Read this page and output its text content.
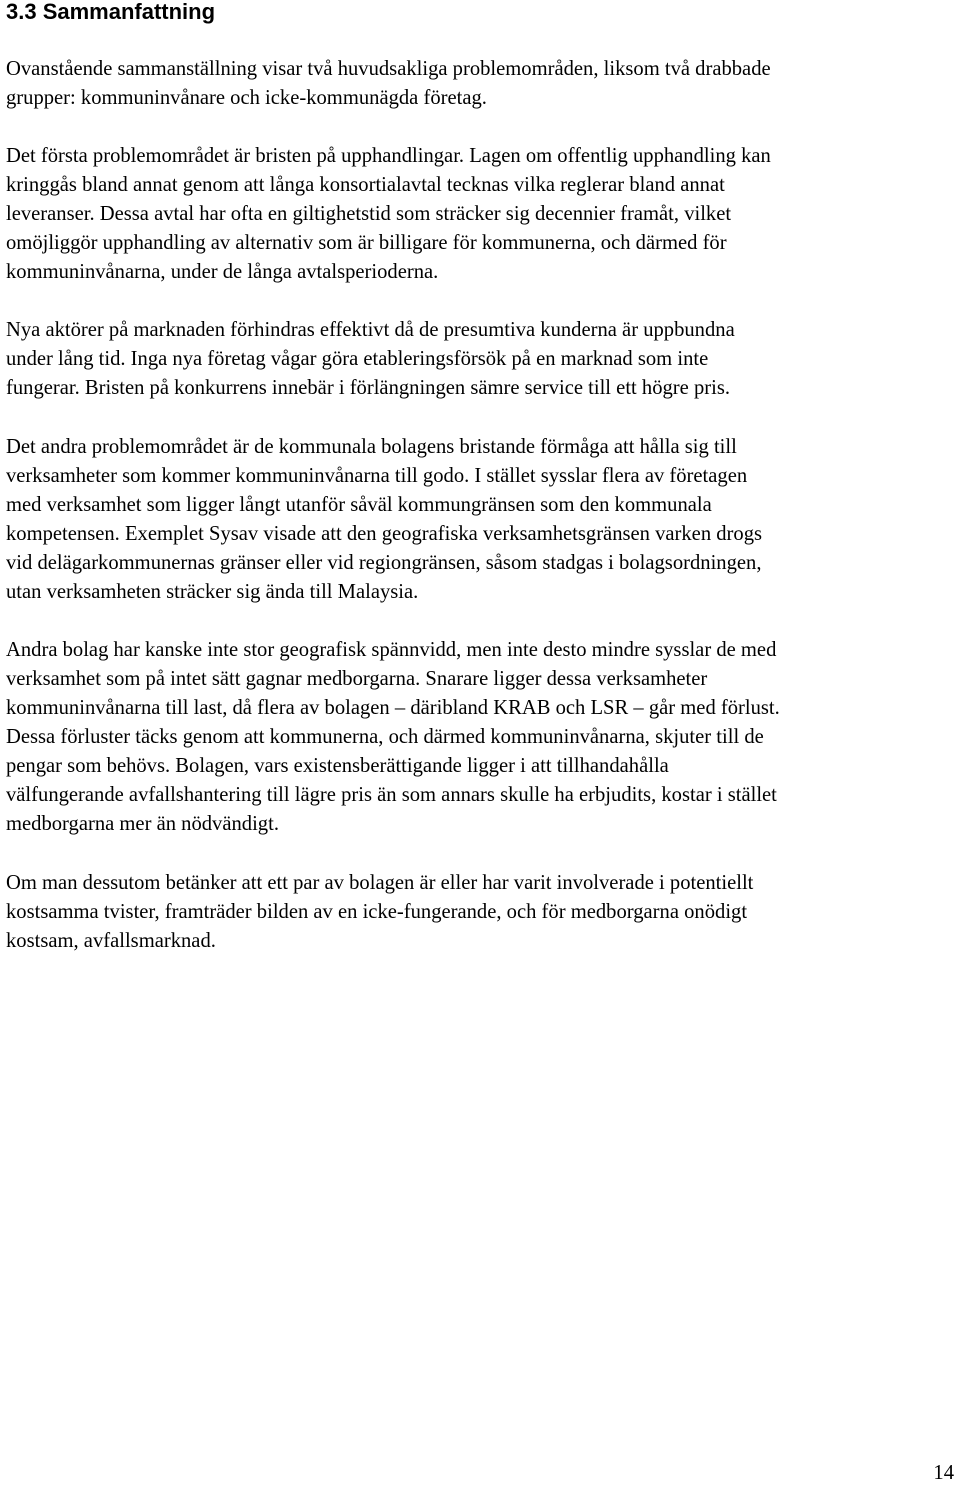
3.3 Sammanfattning

Ovanstående sammanställning visar två huvudsakliga problemområden, liksom två drabbade
grupper: kommuninvånare och icke-kommunägda företag.

Det första problemområdet är bristen på upphandlingar. Lagen om offentlig upphandling kan
kringgås bland annat genom att långa konsortialavtal tecknas vilka reglerar bland annat
leveranser. Dessa avtal har ofta en giltighetstid som sträcker sig decennier framåt, vilket
omöjliggör upphandling av alternativ som är billigare för kommunerna, och därmed för
kommuninvånarna, under de långa avtalsperioderna.

Nya aktörer på marknaden förhindras effektivt då de presumtiva kunderna är uppbundna
under lång tid. Inga nya företag vågar göra etableringsförsök på en marknad som inte
fungerar. Bristen på konkurrens innebär i förlängningen sämre service till ett högre pris.

Det andra problemområdet är de kommunala bolagens bristande förmåga att hålla sig till
verksamheter som kommer kommuninvånarna till godo. I stället sysslar flera av företagen
med verksamhet som ligger långt utanför såväl kommungränsen som den kommunala
kompetensen. Exemplet Sysav visade att den geografiska verksamhetsgränsen varken drogs
vid delägarkommunernas gränser eller vid regiongränsen, såsom stadgas i bolagsordningen,
utan verksamheten sträcker sig ända till Malaysia.

Andra bolag har kanske inte stor geografisk spännvidd, men inte desto mindre sysslar de med
verksamhet som på intet sätt gagnar medborgarna. Snarare ligger dessa verksamheter
kommuninvånarna till last, då flera av bolagen – däribland KRAB och LSR – går med förlust.
Dessa förluster täcks genom att kommunerna, och därmed kommuninvånarna, skjuter till de
pengar som behövs. Bolagen, vars existensberättigande ligger i att tillhandahålla
välfungerande avfallshantering till lägre pris än som annars skulle ha erbjudits, kostar i stället
medborgarna mer än nödvändigt.

Om man dessutom betänker att ett par av bolagen är eller har varit involverade i potentiellt
kostsamma tvister, framträder bilden av en icke-fungerande, och för medborgarna onödigt
kostsam, avfallsmarknad.

14
